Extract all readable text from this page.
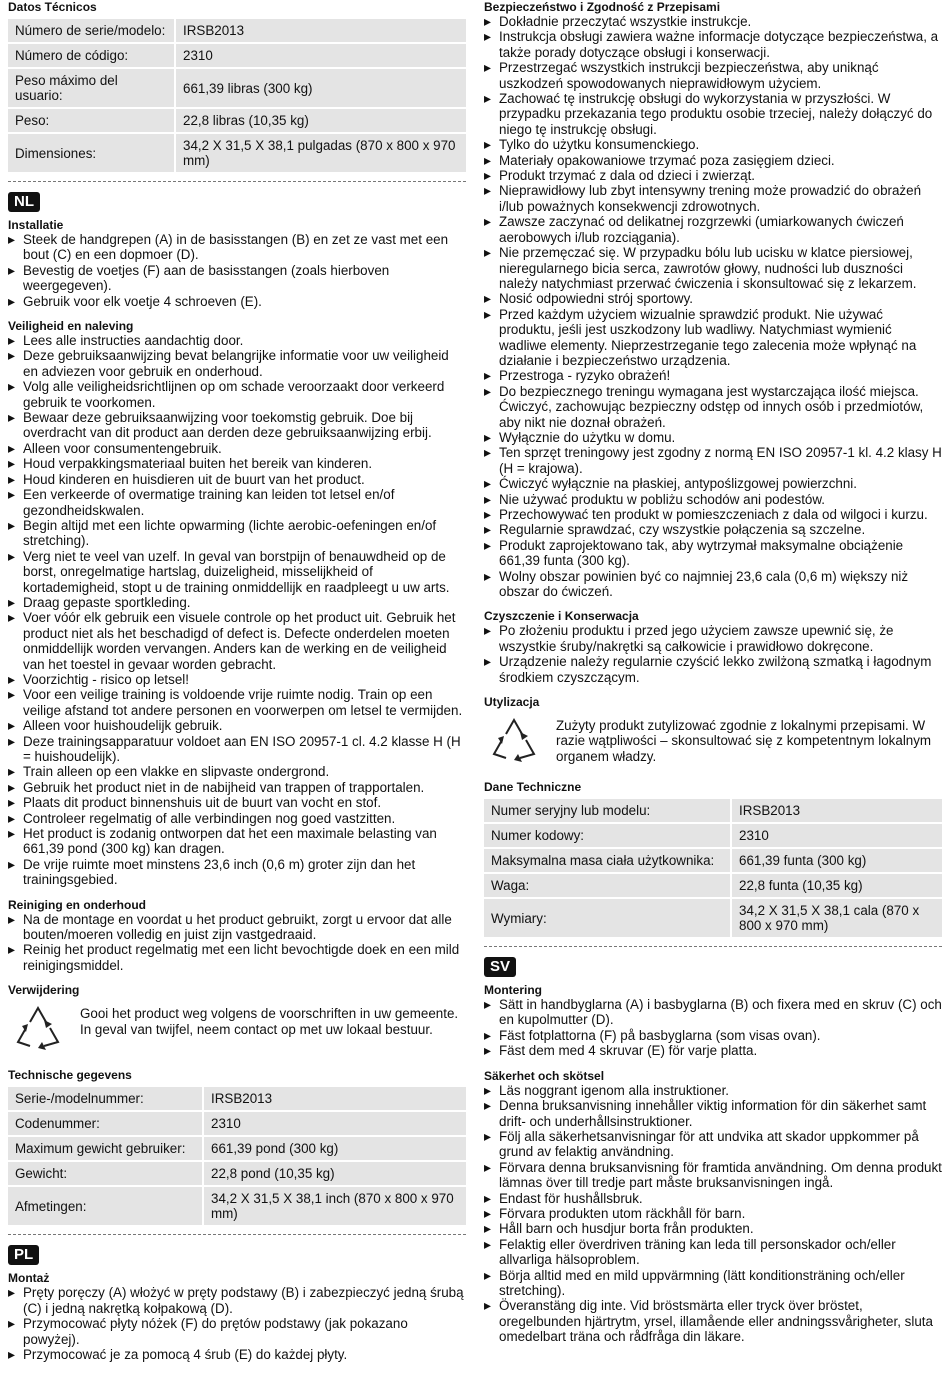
Datos Técnicos

Número de serie/modelo:	IRSB2013
Número de código:	2310
Peso máximo del usuario:	661,39 libras (300 kg)
Peso:	22,8 libras (10,35 kg)
Dimensiones:	34,2 X 31,5 X 38,1 pulgadas (870 x 800 x 970 mm)
NL

Installatie

▸ Steek de handgrepen (A) in de basisstangen (B) en zet ze vast met een bout (C) en een dopmoer (D).
▸ Bevestig de voetjes (F) aan de basisstangen (zoals hierboven weergegeven).
▸ Gebruik voor elk voetje 4 schroeven (E).

Veiligheid en naleving

▸ Lees alle instructies aandachtig door.
▸ Deze gebruiksaanwijzing bevat belangrijke informatie voor uw veiligheid en adviezen voor gebruik en onderhoud.
▸ Volg alle veiligheidsrichtlijnen op om schade veroorzaakt door verkeerd gebruik te voorkomen.
▸ Bewaar deze gebruiksaanwijzing voor toekomstig gebruik. Doe bij overdracht van dit product aan derden deze gebruiksaanwijzing erbij.
▸ Alleen voor consumentengebruik.
▸ Houd verpakkingsmateriaal buiten het bereik van kinderen.
▸ Houd kinderen en huisdieren uit de buurt van het product.
▸ Een verkeerde of overmatige training kan leiden tot letsel en/of gezondheidskwalen.
▸ Begin altijd met een lichte opwarming (lichte aerobic-oefeningen en/of stretching).
▸ Verg niet te veel van uzelf. In geval van borstpijn of benauwdheid op de borst, onregelmatige hartslag, duizeligheid, misselijkheid of kortademigheid, stopt u de training onmiddellijk en raadpleegt u uw arts.
▸ Draag gepaste sportkleding.
▸ Voer vóór elk gebruik een visuele controle op het product uit. Gebruik het product niet als het beschadigd of defect is. Defecte onderdelen moeten onmiddellijk worden vervangen. Anders kan de werking en de veiligheid van het toestel in gevaar worden gebracht.
▸ Voorzichtig - risico op letsel!
▸ Voor een veilige training is voldoende vrije ruimte nodig. Train op een veilige afstand tot andere personen en voorwerpen om letsel te vermijden.
▸ Alleen voor huishoudelijk gebruik.
▸ Deze trainingsapparatuur voldoet aan EN ISO 20957-1 cl. 4.2 klasse H (H = huishoudelijk).
▸ Train alleen op een vlakke en slipvaste ondergrond.
▸ Gebruik het product niet in de nabijheid van trappen of trapportalen.
▸ Plaats dit product binnenshuis uit de buurt van vocht en stof.
▸ Controleer regelmatig of alle verbindingen nog goed vastzitten.
▸ Het product is zodanig ontworpen dat het een maximale belasting van 661,39 pond (300 kg) kan dragen.
▸ De vrije ruimte moet minstens 23,6 inch (0,6 m) groter zijn dan het trainingsgebied.

Reiniging en onderhoud

▸ Na de montage en voordat u het product gebruikt, zorgt u ervoor dat alle bouten/moeren volledig en juist zijn vastgedraaid.
▸ Reinig het product regelmatig met een licht bevochtigde doek en een mild reinigingsmiddel.

Verwijdering

Gooi het product weg volgens de voorschriften in uw gemeente. In geval van twijfel, neem contact op met uw lokaal bestuur.

Technische gegevens

Serie-/modelnummer:	IRSB2013
Codenummer:	2310
Maximum gewicht gebruiker:	661,39 pond (300 kg)
Gewicht:	22,8 pond (10,35 kg)
Afmetingen:	34,2 X 31,5 X 38,1 inch (870 x 800 x 970 mm)
PL

Montaż

▸ Pręty poręczy (A) włożyć w pręty podstawy (B) i zabezpieczyć jedną śrubą (C) i jedną nakrętką kołpakową (D).
▸ Przymocować płyty nóżek (F) do prętów podstawy (jak pokazano powyżej).
▸ Przymocować je za pomocą 4 śrub (E) do każdej płyty.

Bezpieczeństwo i Zgodność z Przepisami

▸ Dokładnie przeczytać wszystkie instrukcje.
▸ Instrukcja obsługi zawiera ważne informacje dotyczące bezpieczeństwa, a także porady dotyczące obsługi i konserwacji.
▸ Przestrzegać wszystkich instrukcji bezpieczeństwa, aby uniknąć uszkodzeń spowodowanych nieprawidłowym użyciem.
▸ Zachować tę instrukcję obsługi do wykorzystania w przyszłości. W przypadku przekazania tego produktu osobie trzeciej, należy dołączyć do niego tę instrukcję obsługi.
▸ Tylko do użytku konsumenckiego.
▸ Materiały opakowaniowe trzymać poza zasięgiem dzieci.
▸ Produkt trzymać z dala od dzieci i zwierząt.
▸ Nieprawidłowy lub zbyt intensywny trening może prowadzić do obrażeń i/lub poważnych konsekwencji zdrowotnych.
▸ Zawsze zaczynać od delikatnej rozgrzewki (umiarkowanych ćwiczeń aerobowych i/lub rozciągania).
▸ Nie przemęczać się. W przypadku bólu lub ucisku w klatce piersiowej, nieregularnego bicia serca, zawrotów głowy, nudności lub duszności należy natychmiast przerwać ćwiczenia i skonsultować się z lekarzem.
▸ Nosić odpowiedni strój sportowy.
▸ Przed każdym użyciem wizualnie sprawdzić produkt. Nie używać produktu, jeśli jest uszkodzony lub wadliwy. Natychmiast wymienić wadliwe elementy. Nieprzestrzeganie tego zalecenia może wpłynąć na działanie i bezpieczeństwo urządzenia.
▸ Przestroga - ryzyko obrażeń!
▸ Do bezpiecznego treningu wymagana jest wystarczająca ilość miejsca. Ćwiczyć, zachowując bezpieczny odstęp od innych osób i przedmiotów, aby nikt nie doznał obrażeń.
▸ Wyłącznie do użytku w domu.
▸ Ten sprzęt treningowy jest zgodny z normą EN ISO 20957-1 kl. 4.2 klasy H (H = krajowa).
▸ Ćwiczyć wyłącznie na płaskiej, antypoślizgowej powierzchni.
▸ Nie używać produktu w pobliżu schodów ani podestów.
▸ Przechowywać ten produkt w pomieszczeniach z dala od wilgoci i kurzu.
▸ Regularnie sprawdzać, czy wszystkie połączenia są szczelne.
▸ Produkt zaprojektowano tak, aby wytrzymał maksymalne obciążenie 661,39 funta (300 kg).
▸ Wolny obszar powinien być co najmniej 23,6 cala (0,6 m) większy niż obszar do ćwiczeń.

Czyszczenie i Konserwacja

▸ Po złożeniu produktu i przed jego użyciem zawsze upewnić się, że wszystkie śruby/nakrętki są całkowicie i prawidłowo dokręcone.
▸ Urządzenie należy regularnie czyścić lekko zwilżoną szmatką i łagodnym środkiem czyszczącym.

Utylizacja

Zużyty produkt zutylizować zgodnie z lokalnymi przepisami. W razie wątpliwości – skonsultować się z kompetentnym lokalnym organem władzy.

Dane Techniczne

Numer seryjny lub modelu:	IRSB2013
Numer kodowy:	2310
Maksymalna masa ciała użytkownika:	661,39 funta (300 kg)
Waga:	22,8 funta (10,35 kg)
Wymiary:	34,2 X 31,5 X 38,1 cala (870 x 800 x 970 mm)
SV

Montering

▸ Sätt in handbyglarna (A) i basbyglarna (B) och fixera med en skruv (C) och en kupolmutter (D).
▸ Fäst fotplattorna (F) på basbyglarna (som visas ovan).
▸ Fäst dem med 4 skruvar (E) för varje platta.

Säkerhet och skötsel

▸ Läs noggrant igenom alla instruktioner.
▸ Denna bruksanvisning innehåller viktig information för din säkerhet samt drift- och underhållsinstruktioner.
▸ Följ alla säkerhetsanvisningar för att undvika att skador uppkommer på grund av felaktig användning.
▸ Förvara denna bruksanvisning för framtida användning. Om denna produkt lämnas över till tredje part måste bruksanvisningen ingå.
▸ Endast för hushållsbruk.
▸ Förvara produkten utom räckhåll för barn.
▸ Håll barn och husdjur borta från produkten.
▸ Felaktig eller överdriven träning kan leda till personskador och/eller allvarliga hälsoproblem.
▸ Börja alltid med en mild uppvärmning (lätt konditionsträning och/eller stretching).
▸ Överanstäng dig inte. Vid bröstsmärta eller tryck över bröstet, oregelbunden hjärtrytm, yrsel, illamående eller andningssvårigheter, sluta omedelbart träna och rådfråga din läkare.
